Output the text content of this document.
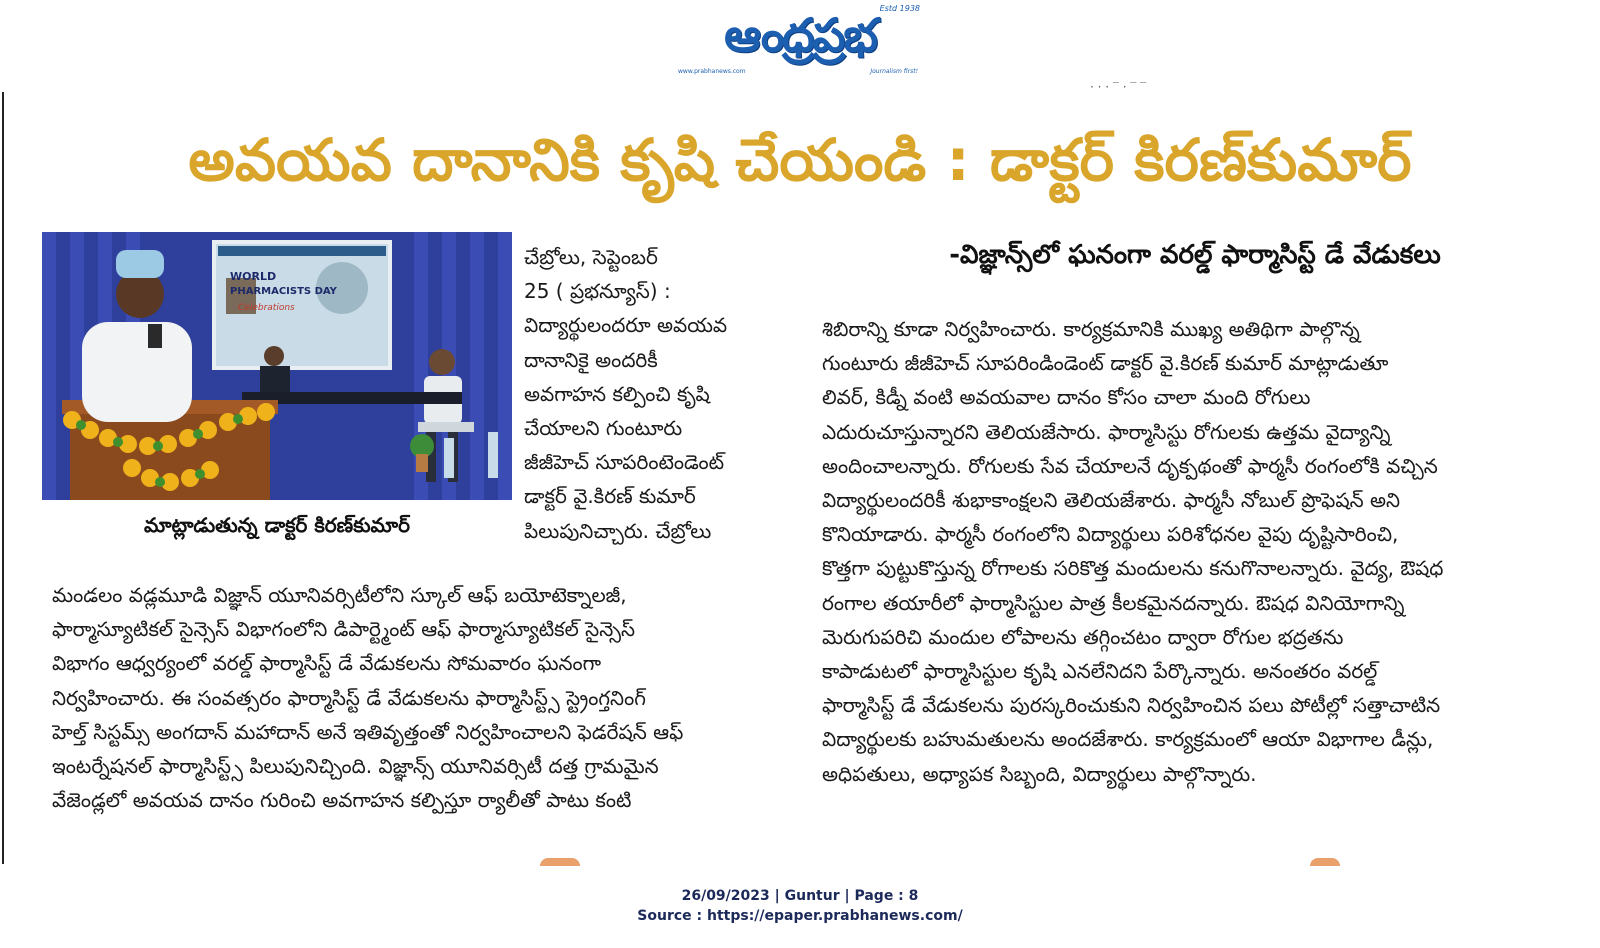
Estd 1938
ఆంధ్రప్రభ
www.prabhanews.com	Journalism first!
· · · ‾ · ‾ ‾
అవయవ దానానికి కృషి చేయండి : డాక్టర్ కిరణ్‌కుమార్
WORLD
PHARMACISTS DAY
Celebrations
మాట్లాడుతున్న డాక్టర్ కిరణ్‌కుమార్
-విజ్ఞాన్స్‌లో ఘనంగా వరల్డ్ ఫార్మాసిస్ట్ డే వేడుకలు
చేబ్రోలు, సెప్టెంబర్
25 ( ప్రభన్యూస్) :
విద్యార్థులందరూ అవయవ
దానానికై అందరికీ
అవగాహన కల్పించి కృషి
చేయాలని గుంటూరు
జీజీహెచ్ సూపరింటెండెంట్
డాక్టర్ వై.కిరణ్ కుమార్
పిలుపునిచ్చారు. చేబ్రోలు
మండలం వడ్లమూడి విజ్ఞాన్ యూనివర్సిటీలోని స్కూల్ ఆఫ్ బయోటెక్నాలజీ,
ఫార్మాస్యూటికల్ సైన్సెస్ విభాగంలోని డిపార్ట్మెంట్ ఆఫ్ ఫార్మాస్యూటికల్ సైన్సెస్
విభాగం ఆధ్వర్యంలో వరల్డ్ ఫార్మాసిస్ట్ డే వేడుకలను సోమవారం ఘనంగా
నిర్వహించారు. ఈ సంవత్సరం ఫార్మాసిస్ట్ డే వేడుకలను ఫార్మాసిస్ట్స్ స్ట్రెంగ్తనింగ్
హెల్త్ సిస్టమ్స్ అంగదాన్ మహాదాన్ అనే ఇతివృత్తంతో నిర్వహించాలని ఫెడరేషన్ ఆఫ్
ఇంటర్నేషనల్ ఫార్మాసిస్ట్స్ పిలుపునిచ్చింది. విజ్ఞాన్స్ యూనివర్సిటీ దత్త గ్రామమైన
వేజెండ్లలో అవయవ దానం గురించి అవగాహన కల్పిస్తూ ర్యాలీతో పాటు కంటి
శిబిరాన్ని కూడా నిర్వహించారు. కార్యక్రమానికి ముఖ్య అతిథిగా పాల్గొన్న
గుంటూరు జీజీహెచ్ సూపరిండిండెంట్ డాక్టర్ వై.కిరణ్ కుమార్ మాట్లాడుతూ
లివర్, కిడ్నీ వంటి అవయవాల దానం కోసం చాలా మంది రోగులు
ఎదురుచూస్తున్నారని తెలియజేసారు. ఫార్మాసిస్టు రోగులకు ఉత్తమ వైద్యాన్ని
అందించాలన్నారు. రోగులకు సేవ చేయాలనే దృక్పథంతో ఫార్మసీ రంగంలోకి వచ్చిన
విద్యార్థులందరికీ శుభాకాంక్షలని తెలియజేశారు. ఫార్మసీ నోబుల్ ప్రొఫెషన్ అని
కొనియాడారు. ఫార్మసీ రంగంలోని విద్యార్థులు పరిశోధనల వైపు దృష్టిసారించి,
కొత్తగా పుట్టుకొస్తున్న రోగాలకు సరికొత్త మందులను కనుగొనాలన్నారు. వైద్య, ఔషధ
రంగాల తయారీలో ఫార్మాసిస్టుల పాత్ర కీలకమైనదన్నారు. ఔషధ వినియోగాన్ని
మెరుగుపరిచి మందుల లోపాలను తగ్గించటం ద్వారా రోగుల భద్రతను
కాపాడుటలో ఫార్మాసిస్టుల కృషి ఎనలేనిదని పేర్కొన్నారు. అనంతరం వరల్డ్
ఫార్మాసిస్ట్ డే వేడుకలను పురస్కరించుకుని నిర్వహించిన పలు పోటీల్లో సత్తాచాటిన
విద్యార్థులకు బహుమతులను అందజేశారు. కార్యక్రమంలో ఆయా విభాగాల డీన్లు,
అధిపతులు, అధ్యాపక సిబ్బంది, విద్యార్థులు పాల్గొన్నారు.
26/09/2023 | Guntur | Page : 8
Source : https://epaper.prabhanews.com/
